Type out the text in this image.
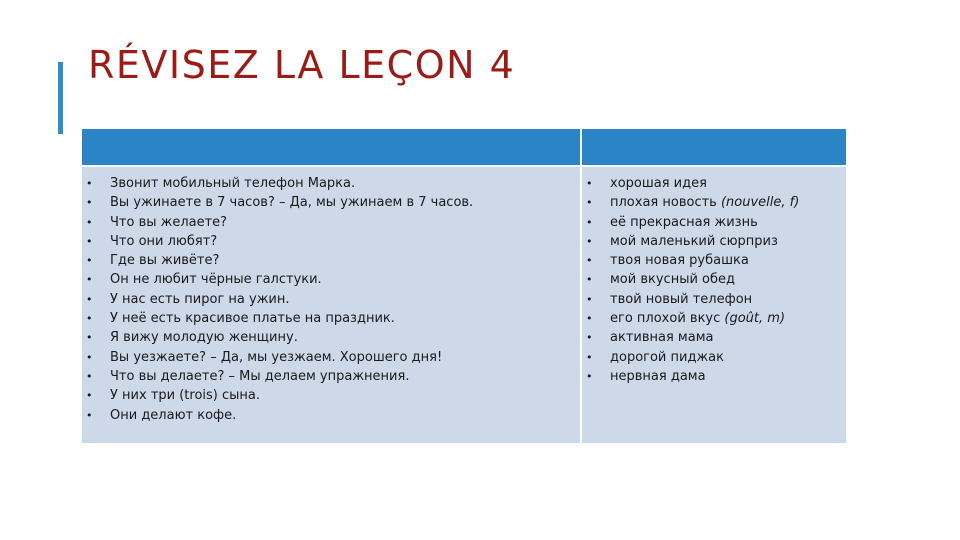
RÉVISEZ LA LEÇON 4
• Звонит мобильный телефон Марка.
• Вы ужинаете в 7 часов? – Да, мы ужинаем в 7 часов.
• Что вы желаете?
• Что они любят?
• Где вы живёте?
• Он не любит чёрные галстуки.
• У нас есть пирог на ужин.
• У неё есть красивое платье на праздник.
• Я вижу молодую женщину.
• Вы уезжаете? – Да, мы уезжаем. Хорошего дня!
• Что вы делаете? – Мы делаем упражнения.
• У них три (trois) сына.
• Они делают кофе.
• хорошая идея
• плохая новость (nouvelle, f)
• её прекрасная жизнь
• мой маленький сюрприз
• твоя новая рубашка
• мой вкусный обед
• твой новый телефон
• его плохой вкус (goût, m)
• активная мама
• дорогой пиджак
• нервная дама
